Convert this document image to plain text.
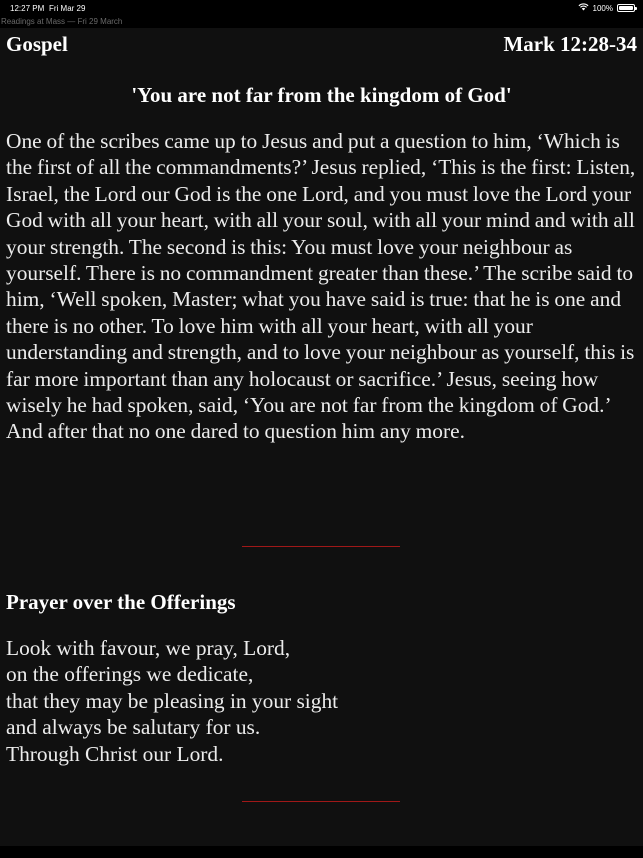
12:27 PM Fri Mar 29	100%
Readings at Mass — Fri 29 March
Gospel	Mark 12:28-34
'You are not far from the kingdom of God'
One of the scribes came up to Jesus and put a question to him, ‘Which is the first of all the commandments?’ Jesus replied, ‘This is the first: Listen, Israel, the Lord our God is the one Lord, and you must love the Lord your God with all your heart, with all your soul, with all your mind and with all your strength. The second is this: You must love your neighbour as yourself. There is no commandment greater than these.’ The scribe said to him, ‘Well spoken, Master; what you have said is true: that he is one and there is no other. To love him with all your heart, with all your understanding and strength, and to love your neighbour as yourself, this is far more important than any holocaust or sacrifice.’ Jesus, seeing how wisely he had spoken, said, ‘You are not far from the kingdom of God.’ And after that no one dared to question him any more.
Prayer over the Offerings
Look with favour, we pray, Lord,
on the offerings we dedicate,
that they may be pleasing in your sight
and always be salutary for us.
Through Christ our Lord.
